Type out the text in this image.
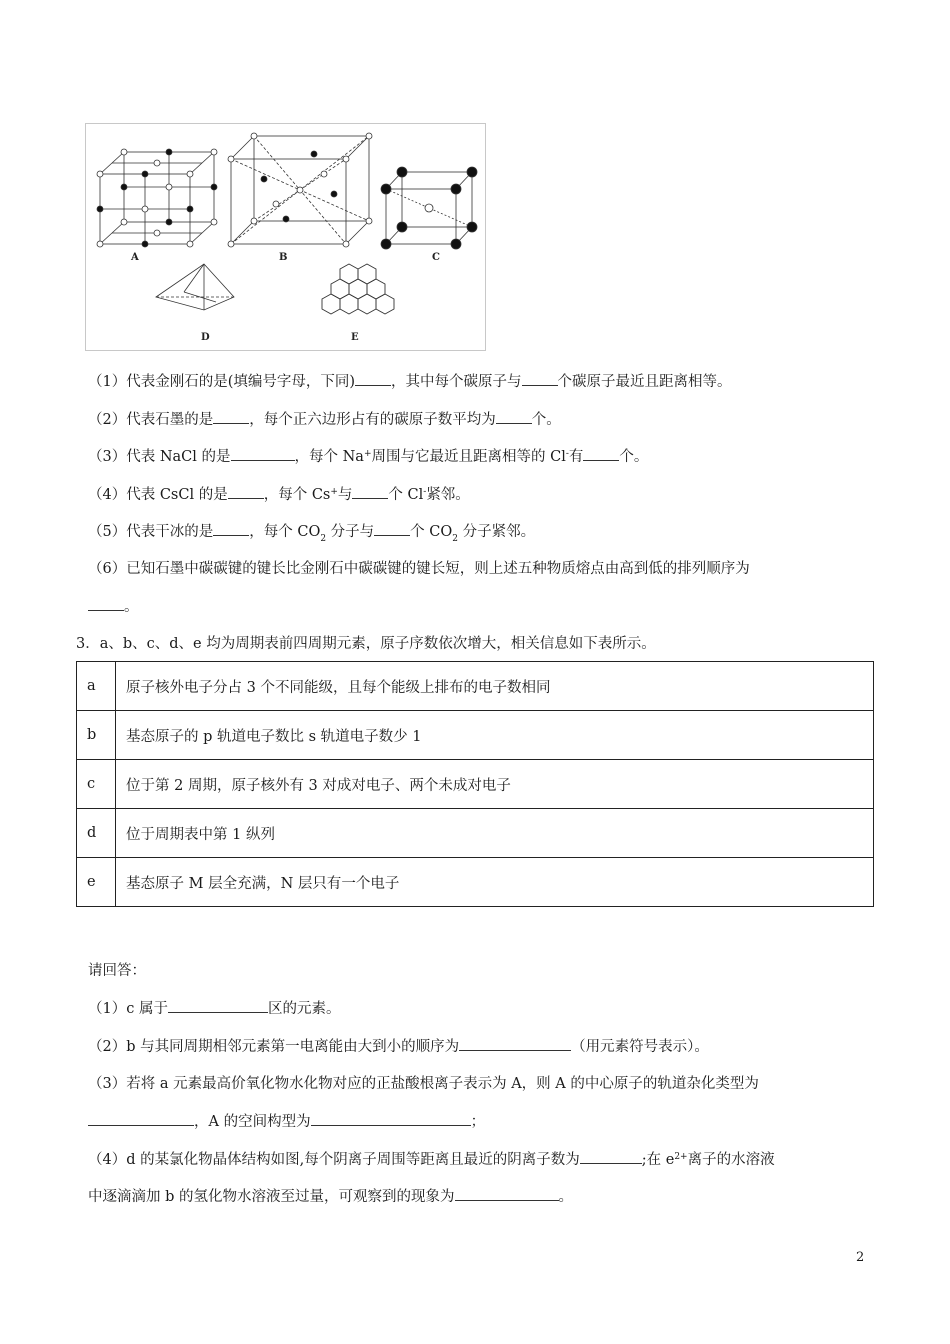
A	B	C
D	E
（1）代表金刚石的是(填编号字母，下同) ，其中每个碳原子与 个碳原子最近且距离相等。
（2）代表石墨的是 ，每个正六边形占有的碳原子数平均为 个。
（3）代表 NaCl 的是	，每个 Na+周围与它最近且距离相等的 Cl-有 个。
（4）代表 CsCl 的是 ，每个 Cs+与 个 Cl-紧邻。
（5）代表干冰的是 ，每个 $CO_2$ 分子与 个 $CO_2$ 分子紧邻。
（6）已知石墨中碳碳键的键长比金刚石中碳碳键的键长短，则上述五种物质熔点由高到低的排列顺序为
。
3．a、b、c、d、e 均为周期表前四周期元素，原子序数依次增大，相关信息如下表所示。
a	原子核外电子分占 3 个不同能级，且每个能级上排布的电子数相同
b	基态原子的 p 轨道电子数比 s 轨道电子数少 1
c	位于第 2 周期，原子核外有 3 对成对电子、两个未成对电子
d	位于周期表中第 1 纵列
e	基态原子 M 层全充满，N 层只有一个电子
请回答：
（1）c 属于	区的元素。
（2）b 与其同周期相邻元素第一电离能由大到小的顺序为	（用元素符号表示）。
（3）若将 a 元素最高价氧化物水化物对应的正盐酸根离子表示为 A，则 A 的中心原子的轨道杂化类型为
，A 的空间构型为	；
（4）d 的某氯化物晶体结构如图,每个阴离子周围等距离且最近的阴离子数为	;在 $e^{2+}$离子的水溶液
中逐滴滴加 b 的氢化物水溶液至过量，可观察到的现象为	。
2
